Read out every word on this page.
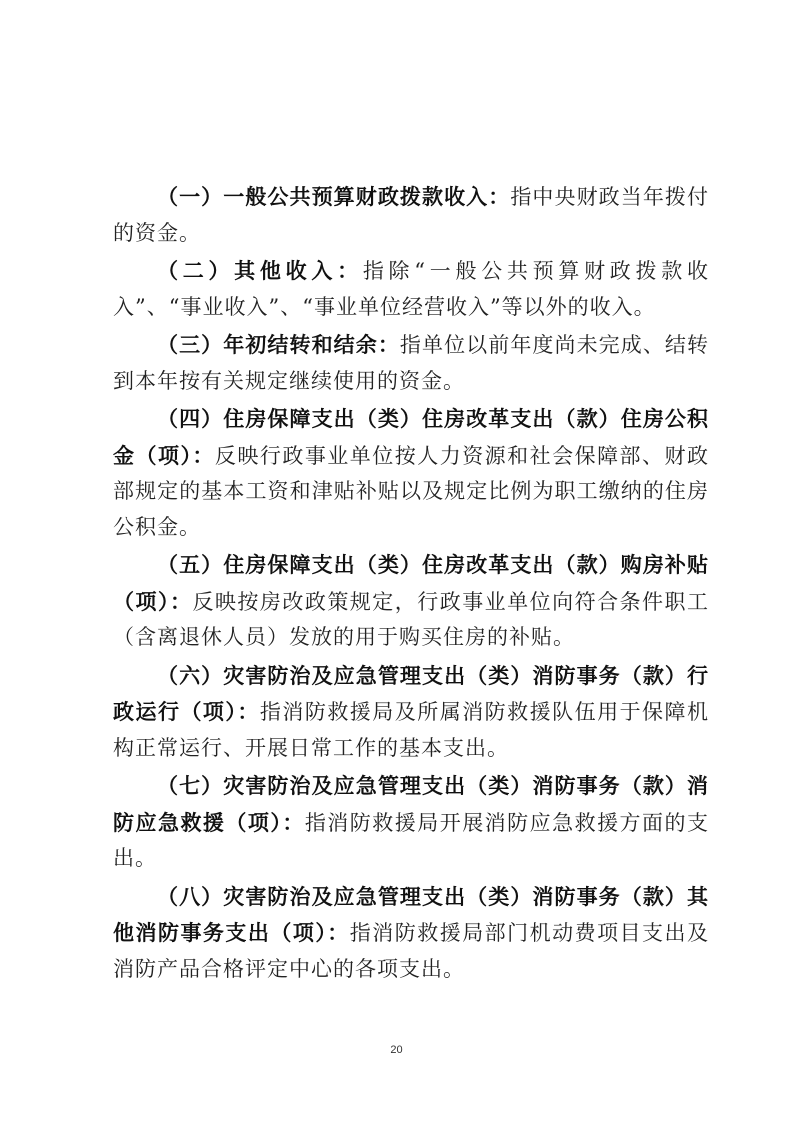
（一）一般公共预算财政拨款收入：指中央财政当年拨付的资金。

（二）其他收入：指除“一般公共预算财政拨款收入”、“事业收入”、“事业单位经营收入”等以外的收入。

（三）年初结转和结余：指单位以前年度尚未完成、结转到本年按有关规定继续使用的资金。

（四）住房保障支出（类）住房改革支出（款）住房公积金（项）：反映行政事业单位按人力资源和社会保障部、财政部规定的基本工资和津贴补贴以及规定比例为职工缴纳的住房公积金。

（五）住房保障支出（类）住房改革支出（款）购房补贴（项）：反映按房改政策规定，行政事业单位向符合条件职工（含离退休人员）发放的用于购买住房的补贴。

（六）灾害防治及应急管理支出（类）消防事务（款）行政运行（项）：指消防救援局及所属消防救援队伍用于保障机构正常运行、开展日常工作的基本支出。

（七）灾害防治及应急管理支出（类）消防事务（款）消防应急救援（项）：指消防救援局开展消防应急救援方面的支出。

（八）灾害防治及应急管理支出（类）消防事务（款）其他消防事务支出（项）：指消防救援局部门机动费项目支出及消防产品合格评定中心的各项支出。

20
